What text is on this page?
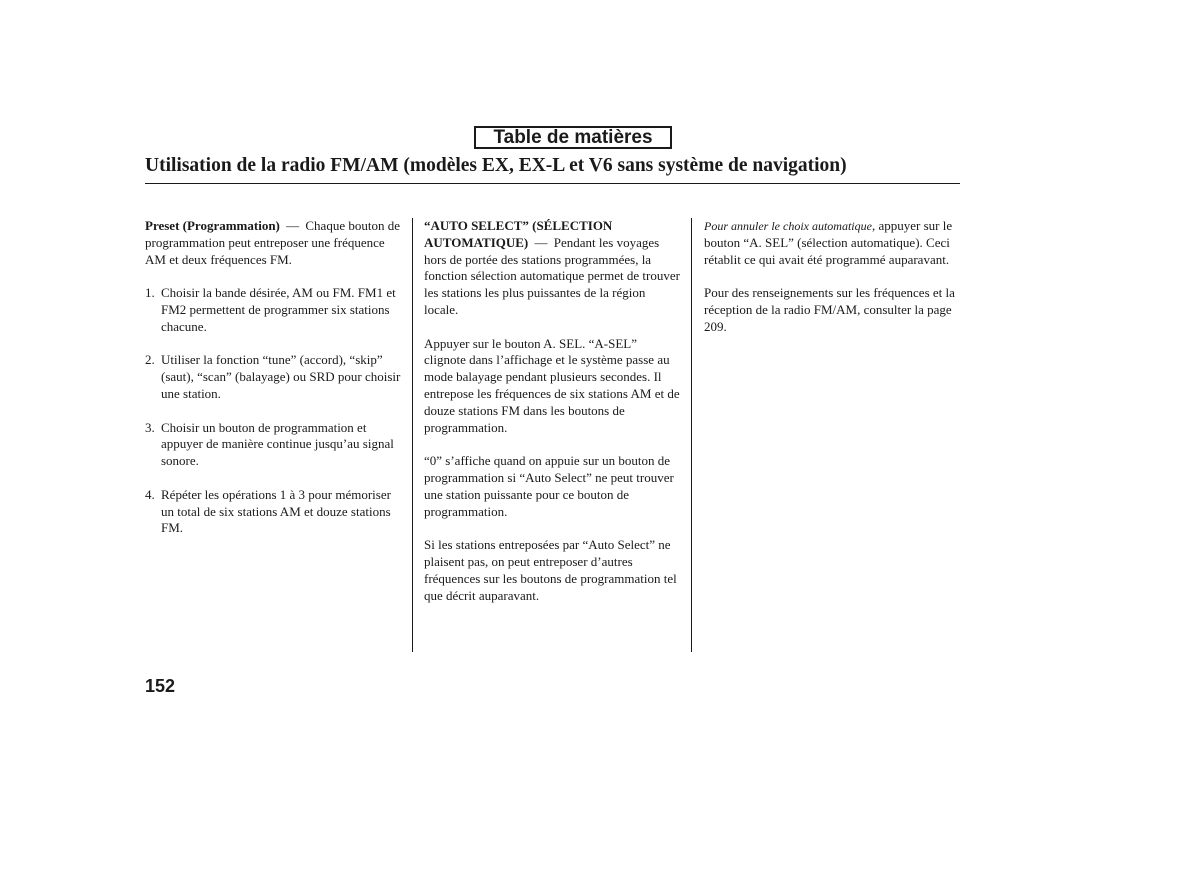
Table de matières
Utilisation de la radio FM/AM (modèles EX, EX-L et V6 sans système de navigation)

Preset (Programmation) — Chaque bouton de programmation peut entreposer une fréquence AM et deux fréquences FM.

1. Choisir la bande désirée, AM ou FM. FM1 et FM2 permettent de programmer six stations chacune.
2. Utiliser la fonction “tune” (accord), “skip” (saut), “scan” (balayage) ou SRD pour choisir une station.
3. Choisir un bouton de programmation et appuyer de manière continue jusqu’au signal sonore.
4. Répéter les opérations 1 à 3 pour mémoriser un total de six stations AM et douze stations FM.

“AUTO SELECT” (SÉLECTION AUTOMATIQUE) — Pendant les voyages hors de portée des stations programmées, la fonction sélection automatique permet de trouver les stations les plus puissantes de la région locale.

Appuyer sur le bouton A. SEL. “A-SEL” clignote dans l’affichage et le système passe au mode balayage pendant plusieurs secondes. Il entrepose les fréquences de six stations AM et de douze stations FM dans les boutons de programmation.

“0” s’affiche quand on appuie sur un bouton de programmation si “Auto Select” ne peut trouver une station puissante pour ce bouton de programmation.

Si les stations entreposées par “Auto Select” ne plaisent pas, on peut entreposer d’autres fréquences sur les boutons de programmation tel que décrit auparavant.

Pour annuler le choix automatique, appuyer sur le bouton “A. SEL” (sélection automatique). Ceci rétablit ce qui avait été programmé auparavant.

Pour des renseignements sur les fréquences et la réception de la radio FM/AM, consulter la page 209.

152
